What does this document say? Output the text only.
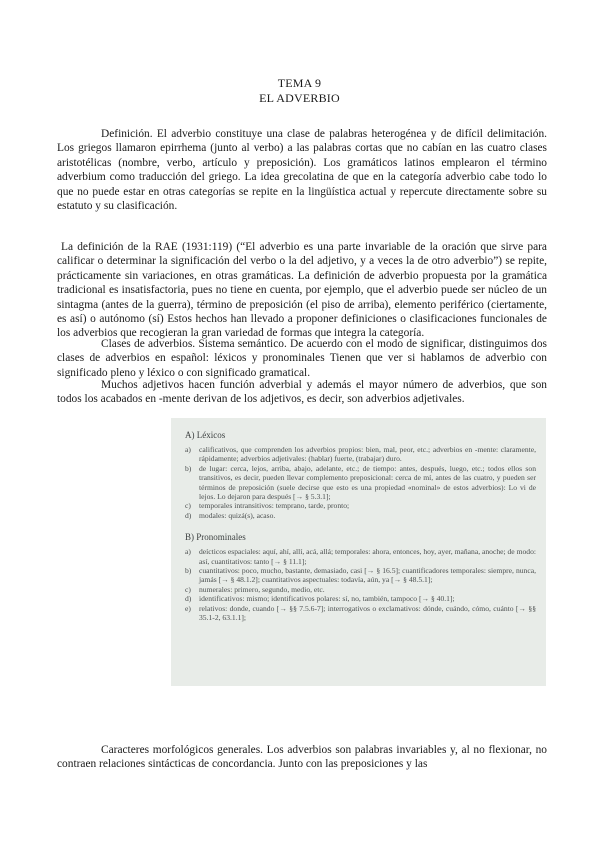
TEMA 9
EL ADVERBIO

Definición. El adverbio constituye una clase de palabras heterogénea y de difícil delimitación. Los griegos llamaron epirrhema (junto al verbo) a las palabras cortas que no cabían en las cuatro clases aristotélicas (nombre, verbo, artículo y preposición). Los gramáticos latinos emplearon el término adverbium como traducción del griego. La idea grecolatina de que en la categoría adverbio cabe todo lo que no puede estar en otras categorías se repite en la lingüística actual y repercute directamente sobre su estatuto y su clasificación.

La definición de la RAE (1931:119) (“El adverbio es una parte invariable de la oración que sirve para calificar o determinar la significación del verbo o la del adjetivo, y a veces la de otro adverbio”) se repite, prácticamente sin variaciones, en otras gramáticas. La definición de adverbio propuesta por la gramática tradicional es insatisfactoria, pues no tiene en cuenta, por ejemplo, que el adverbio puede ser núcleo de un sintagma (antes de la guerra), término de preposición (el piso de arriba), elemento periférico (ciertamente, es así) o autónomo (sí) Estos hechos han llevado a proponer definiciones o clasificaciones funcionales de los adverbios que recogieran la gran variedad de formas que integra la categoría.

Clases de adverbios. Sistema semántico. De acuerdo con el modo de significar, distinguimos dos clases de adverbios en español: léxicos y pronominales Tienen que ver si hablamos de adverbio con significado pleno y léxico o con significado gramatical.

Muchos adjetivos hacen función adverbial y además el mayor número de adverbios, que son todos los acabados en -mente derivan de los adjetivos, es decir, son adverbios adjetivales.

A) Léxicos
a)	calificativos, que comprenden los adverbios propios: bien, mal, peor, etc.; adverbios en -mente: claramente, rápidamente; adverbios adjetivales: (hablar) fuerte, (trabajar) duro.
b)	de lugar: cerca, lejos, arriba, abajo, adelante, etc.; de tiempo: antes, después, luego, etc.; todos ellos son transitivos, es decir, pueden llevar complemento preposicional: cerca de mí, antes de las cuatro, y pueden ser términos de preposición (suele decirse que esto es una propiedad «nominal» de estos adverbios): Lo vi de lejos. Lo dejaron para después [→ § 5.3.1];
c)	temporales intransitivos: temprano, tarde, pronto;
d)	modales: quizá(s), acaso.
B) Pronominales
a)	deícticos espaciales: aquí, ahí, allí, acá, allá; temporales: ahora, entonces, hoy, ayer, mañana, anoche; de modo: así, cuantitativos: tanto [→ § 11.1];
b)	cuantitativos: poco, mucho, bastante, demasiado, casi [→ § 16.5]; cuantificadores temporales: siempre, nunca, jamás [→ § 48.1.2]; cuantitativos aspectuales: todavía, aún, ya [→ § 48.5.1];
c)	numerales: primero, segundo, medio, etc.
d)	identificativos: mismo; identificativos polares: sí, no, también, tampoco [→ § 40.1];
e)	relativos: donde, cuando [→ §§ 7.5.6-7]; interrogativos o exclamativos: dónde, cuándo, cómo, cuánto [→ §§ 35.1-2, 63.1.1];

Caracteres morfológicos generales. Los adverbios son palabras invariables y, al no flexionar, no contraen relaciones sintácticas de concordancia. Junto con las preposiciones y las
